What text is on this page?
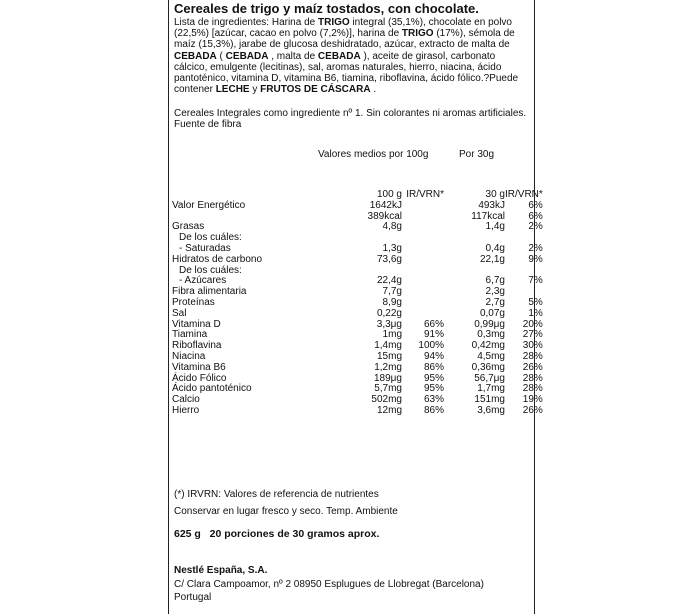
Cereales de trigo y maíz tostados, con chocolate.
Lista de ingredientes: Harina de TRIGO integral (35,1%), chocolate en polvo (22,5%) [azúcar, cacao en polvo (7,2%)], harina de TRIGO (17%), sémola de maíz (15,3%), jarabe de glucosa deshidratado, azúcar, extracto de malta de CEBADA ( CEBADA , malta de CEBADA ), aceite de girasol, carbonato cálcico, emulgente (lecitinas), sal, aromas naturales, hierro, niacina, ácido pantoténico, vitamina D, vitamina B6, tiamina, riboflavina, ácido fólico.?Puede contener LECHE y FRUTOS DE CÁSCARA .
Cereales Integrales como ingrediente nº 1. Sin colorantes ni aromas artificiales.
Fuente de fibra
Valores medios por 100g	Por 30g
	100 g	IR/VRN*	30 g	IR/VRN*
Valor Energético	1642kJ		493kJ	6%
	389kcal		117kcal	6%
Grasas	4,8g		1,4g	2%
De los cuáles:				
- Saturadas	1,3g		0,4g	2%
Hidratos de carbono	73,6g		22,1g	9%
De los cuáles:				
- Azúcares	22,4g		6,7g	7%
Fibra alimentaria	7,7g		2,3g	
Proteínas	8,9g		2,7g	5%
Sal	0,22g		0,07g	1%
Vitamina D	3,3μg	66%	0,99μg	20%
Tiamina	1mg	91%	0,3mg	27%
Riboflavina	1,4mg	100%	0,42mg	30%
Niacina	15mg	94%	4,5mg	28%
Vitamina B6	1,2mg	86%	0,36mg	26%
Ácido Fólico	189μg	95%	56,7μg	28%
Ácido pantoténico	5,7mg	95%	1,7mg	28%
Calcio	502mg	63%	151mg	19%
Hierro	12mg	86%	3,6mg	26%
(*) IRVRN: Valores de referencia de nutrientes
Conservar en lugar fresco y seco. Temp. Ambiente
625 g 20 porciones de 30 gramos aprox.
Nestlé España, S.A.
C/ Clara Campoamor, nº 2 08950 Esplugues de Llobregat (Barcelona)
Portugal
